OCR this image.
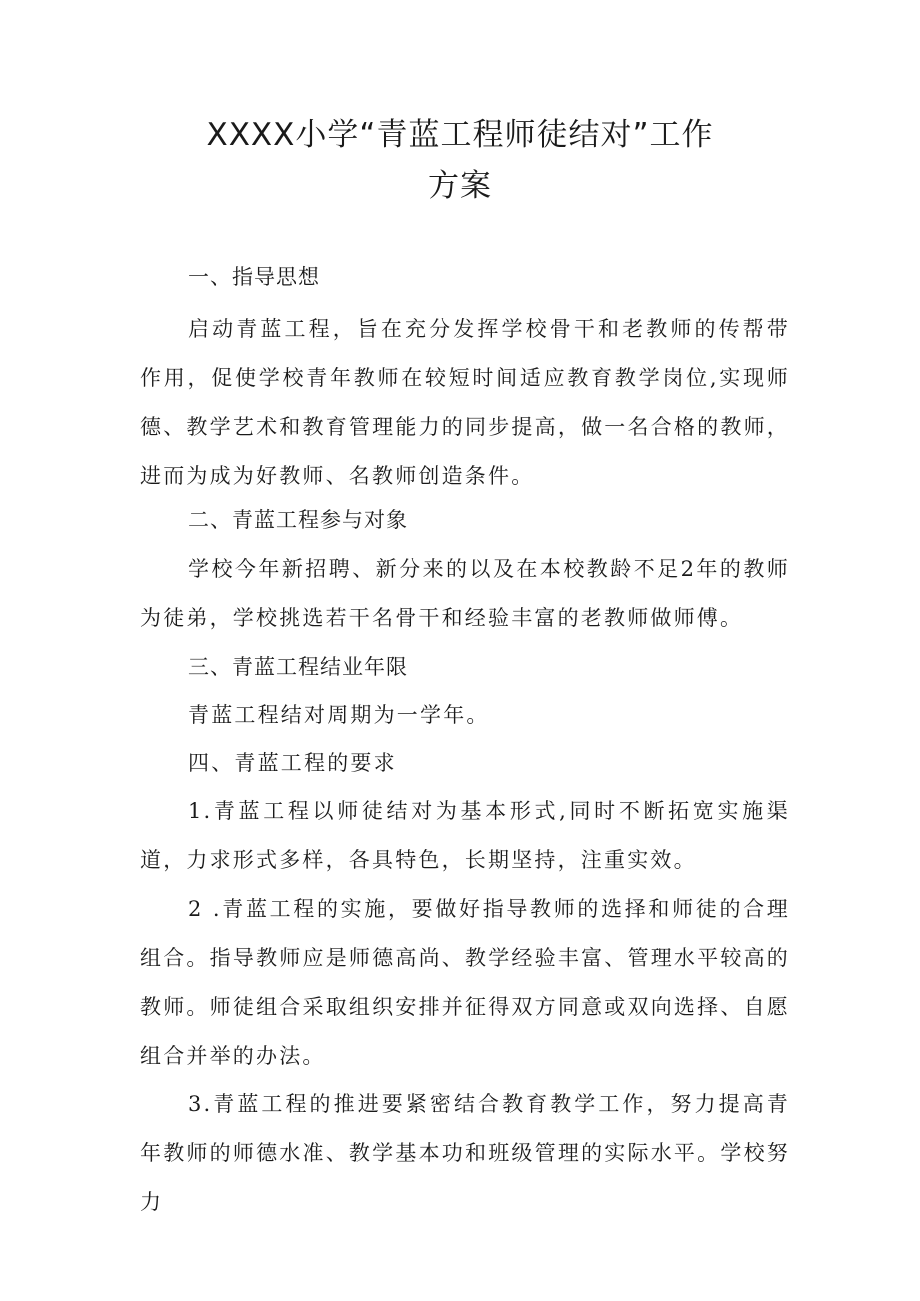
XXXX小学“青蓝工程师徒结对”工作
方案
一、指导思想

启动青蓝工程，旨在充分发挥学校骨干和老教师的传帮带作用，促使学校青年教师在较短时间适应教育教学岗位,实现师德、教学艺术和教育管理能力的同步提高，做一名合格的教师，进而为成为好教师、名教师创造条件。

二、青蓝工程参与对象

学校今年新招聘、新分来的以及在本校教龄不足2年的教师为徒弟，学校挑选若干名骨干和经验丰富的老教师做师傅。

三、青蓝工程结业年限

青蓝工程结对周期为一学年。

四、青蓝工程的要求

1.青蓝工程以师徒结对为基本形式,同时不断拓宽实施渠道，力求形式多样，各具特色，长期坚持，注重实效。

2 .青蓝工程的实施，要做好指导教师的选择和师徒的合理组合。指导教师应是师德高尚、教学经验丰富、管理水平较高的教师。师徒组合采取组织安排并征得双方同意或双向选择、自愿组合并举的办法。

3.青蓝工程的推进要紧密结合教育教学工作，努力提高青年教师的师德水准、教学基本功和班级管理的实际水平。学校努力
